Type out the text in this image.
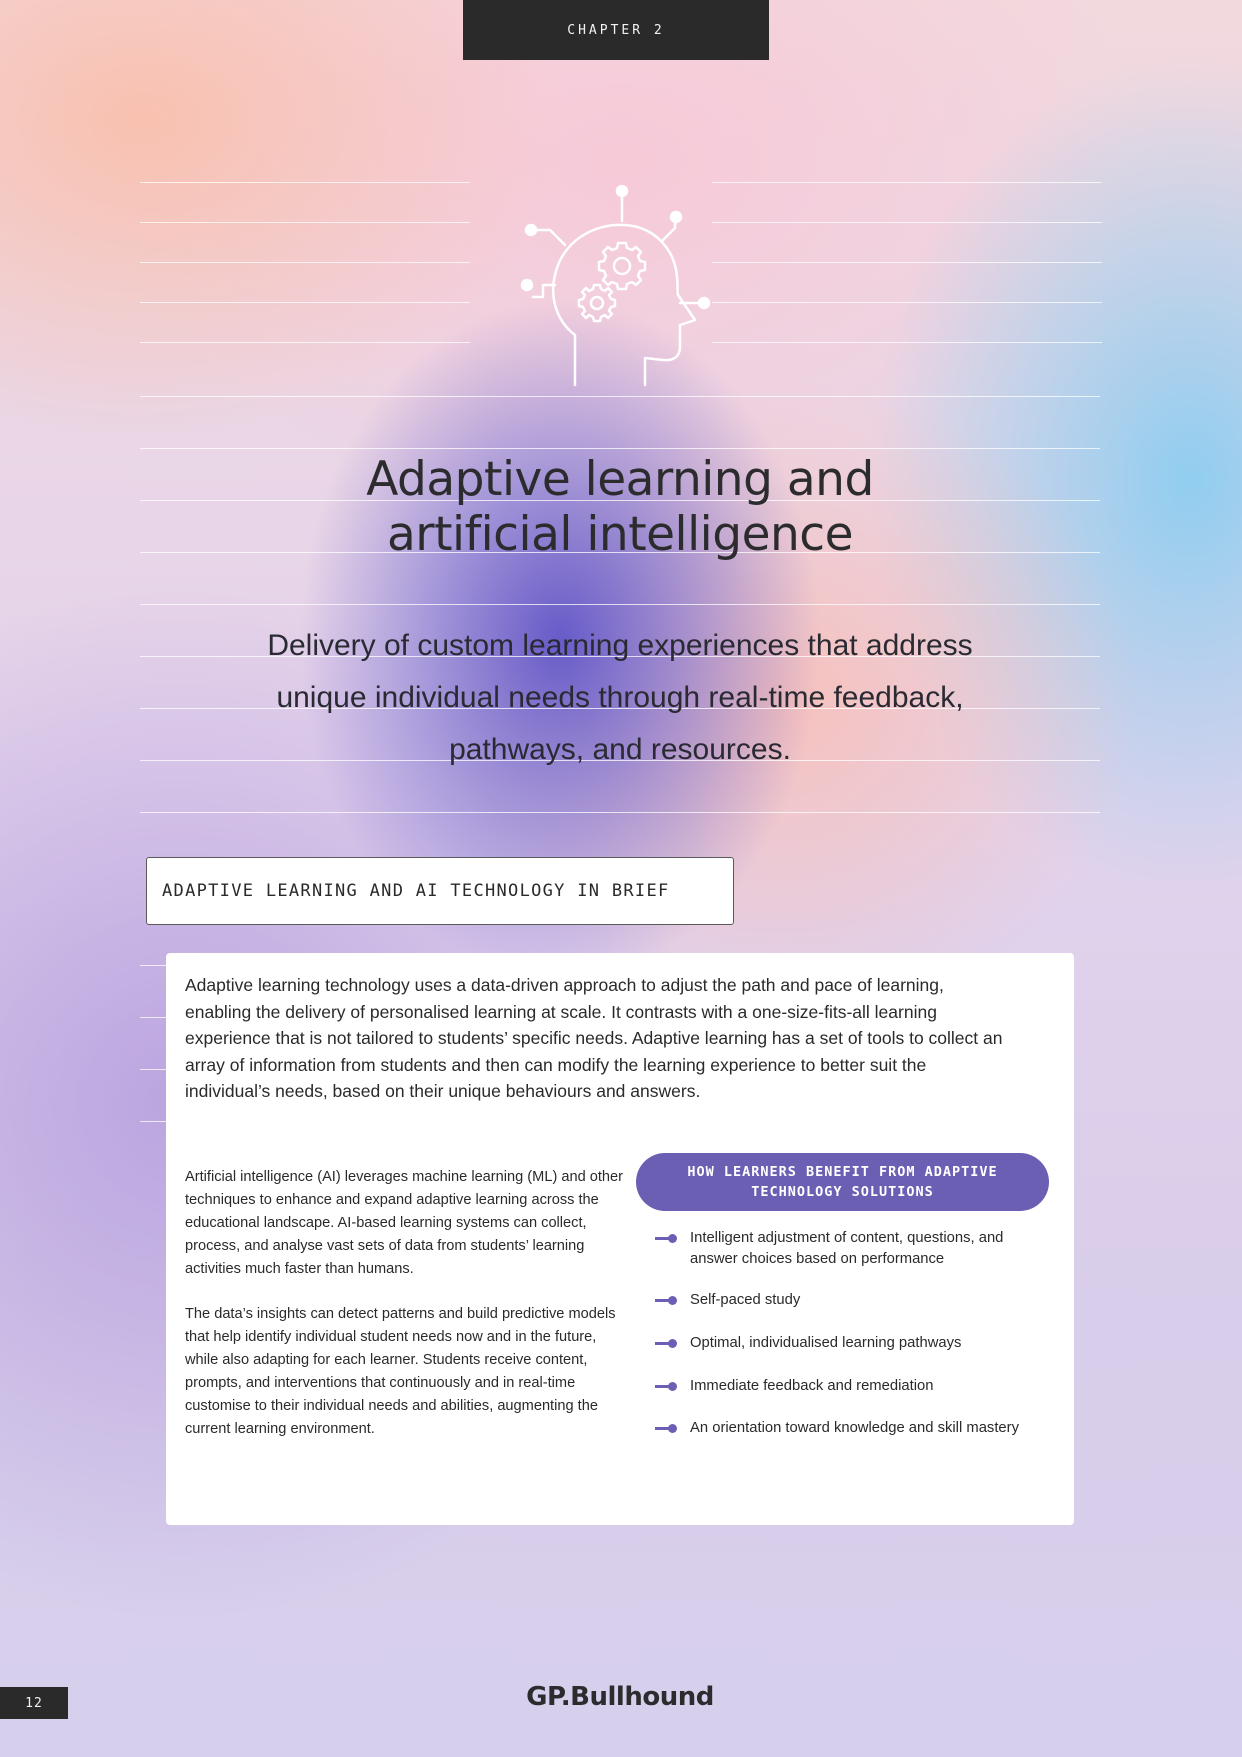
CHAPTER 2
Adaptive learning and
artificial intelligence

Delivery of custom learning experiences that address unique individual needs through real-time feedback, pathways, and resources.

ADAPTIVE LEARNING AND AI TECHNOLOGY IN BRIEF

Adaptive learning technology uses a data-driven approach to adjust the path and pace of learning, enabling the delivery of personalised learning at scale. It contrasts with a one-size-fits-all learning experience that is not tailored to students’ specific needs. Adaptive learning has a set of tools to collect an array of information from students and then can modify the learning experience to better suit the individual’s needs, based on their unique behaviours and answers.

Artificial intelligence (AI) leverages machine learning (ML) and other techniques to enhance and expand adaptive learning across the educational landscape. AI-based learning systems can collect, process, and analyse vast sets of data from students’ learning activities much faster than humans.

The data’s insights can detect patterns and build predictive models that help identify individual student needs now and in the future, while also adapting for each learner. Students receive content, prompts, and interventions that continuously and in real-time customise to their individual needs and abilities, augmenting the current learning environment.

HOW LEARNERS BENEFIT FROM ADAPTIVE TECHNOLOGY SOLUTIONS
Intelligent adjustment of content, questions, and answer choices based on performance
Self-paced study
Optimal, individualised learning pathways
Immediate feedback and remediation
An orientation toward knowledge and skill mastery
12	GP.Bullhound
